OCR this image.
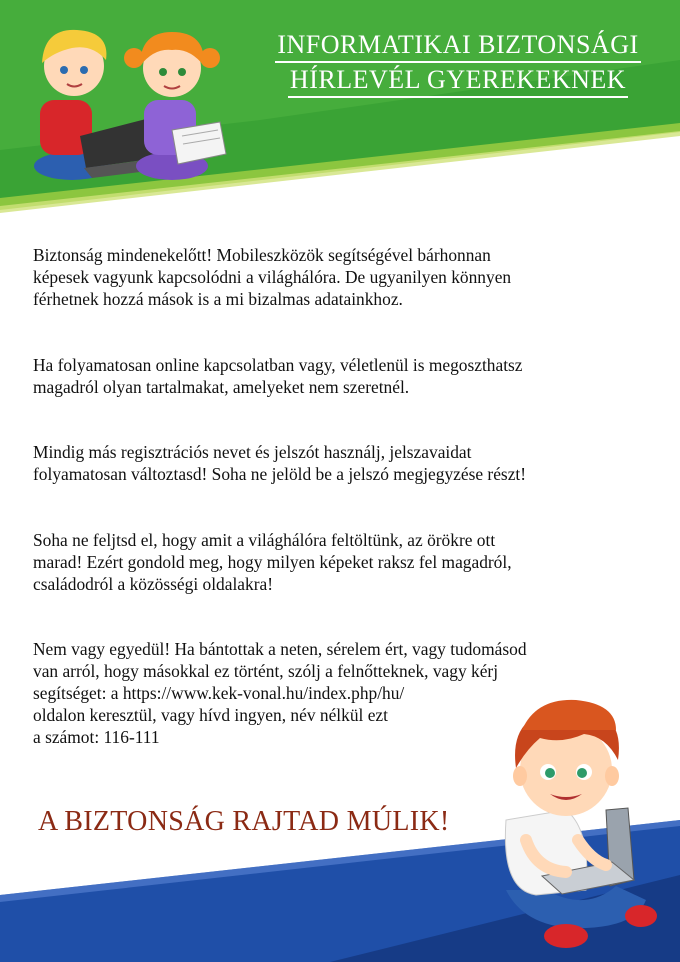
INFORMATIKAI BIZTONSÁGI
HÍRLEVÉL GYEREKEKNEK

Biztonság mindenekelőtt! Mobileszközök segítségével bárhonnan
képesek vagyunk kapcsolódni a világhálóra. De ugyanilyen könnyen
férhetnek hozzá mások is a mi bizalmas adatainkhoz.

Ha folyamatosan online kapcsolatban vagy, véletlenül is megoszthatsz
magadról olyan tartalmakat, amelyeket nem szeretnél.

Mindig más regisztrációs nevet és jelszót használj, jelszavaidat
folyamatosan változtasd! Soha ne jelöld be a jelszó megjegyzése részt!

Soha ne feljtsd el, hogy amit a világhálóra feltöltünk, az örökre ott
marad! Ezért gondold meg, hogy milyen képeket raksz fel magadról,
családodról a közösségi oldalakra!

Nem vagy egyedül! Ha bántottak a neten, sérelem ért, vagy tudomásod
van arról, hogy másokkal ez történt, szólj a felnőtteknek, vagy kérj
segítséget: a https://www.kek-vonal.hu/index.php/hu/
oldalon keresztül, vagy hívd ingyen, név nélkül ezt
a számot: 116-111

A BIZTONSÁG RAJTAD MÚLIK!
